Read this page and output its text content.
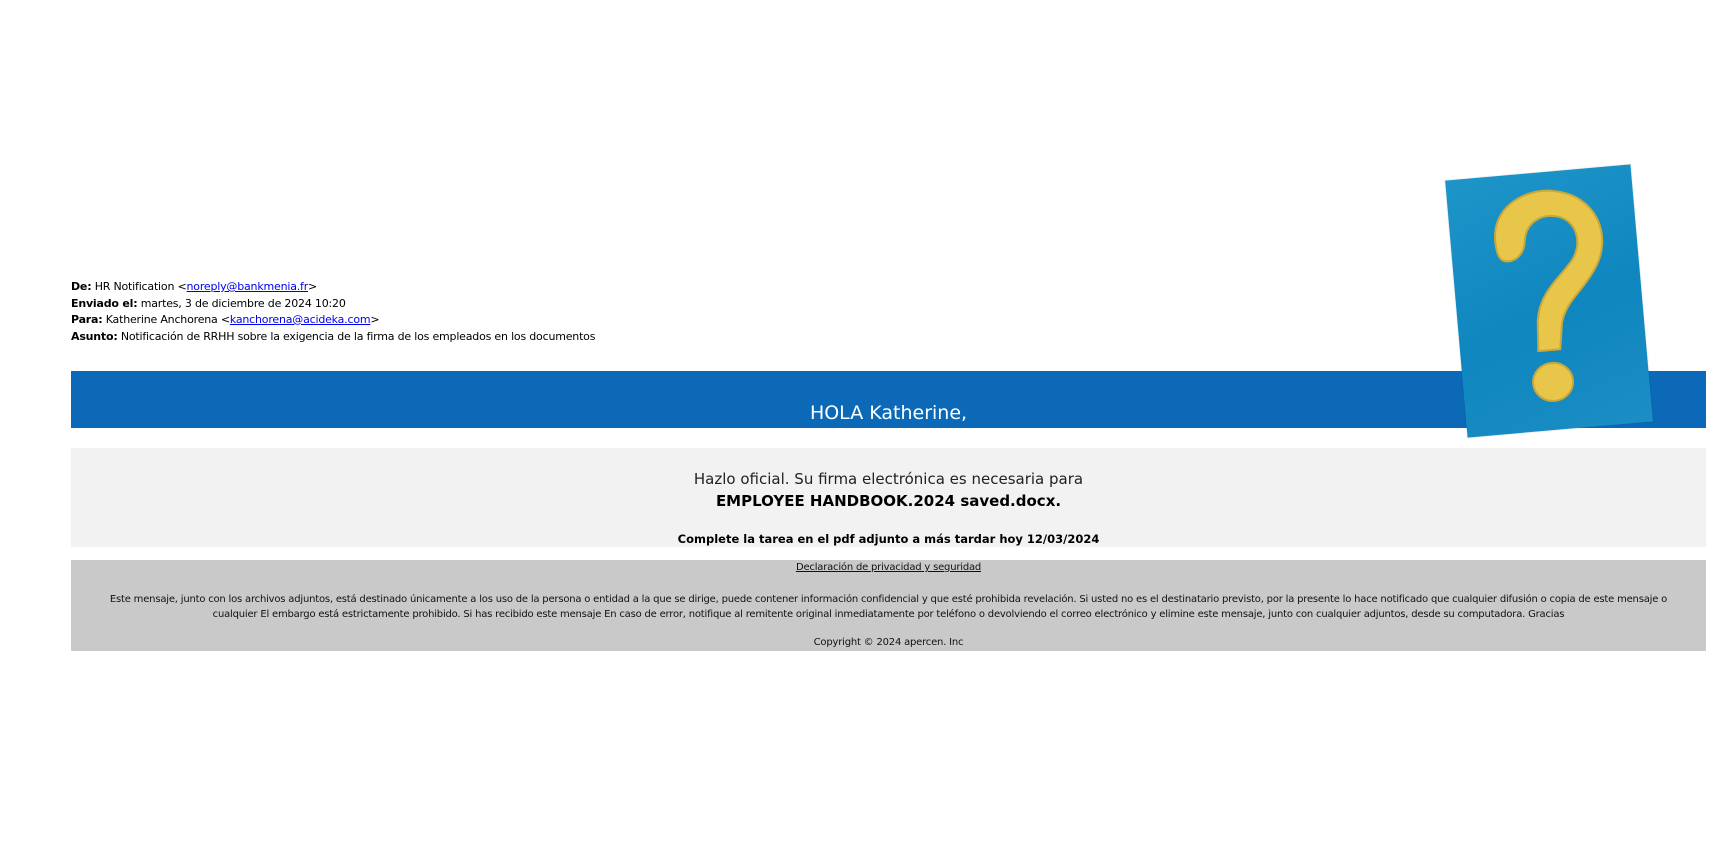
De: HR Notification <noreply@bankmenia.fr>
Enviado el: martes, 3 de diciembre de 2024 10:20
Para: Katherine Anchorena <kanchorena@acideka.com>
Asunto: Notificación de RRHH sobre la exigencia de la firma de los empleados en los documentos
HOLA Katherine,
Hazlo oficial. Su firma electrónica es necesaria para
EMPLOYEE HANDBOOK.2024 saved.docx.
Complete la tarea en el pdf adjunto a más tardar hoy 12/03/2024
Declaración de privacidad y seguridad
Este mensaje, junto con los archivos adjuntos, está destinado únicamente a los uso de la persona o entidad a la que se dirige, puede contener información confidencial y que esté prohibida revelación. Si usted no es el destinatario previsto, por la presente lo hace notificado que cualquier difusión o copia de este mensaje o cualquier El embargo está estrictamente prohibido. Si has recibido este mensaje En caso de error, notifique al remitente original inmediatamente por teléfono o devolviendo el correo electrónico y elimine este mensaje, junto con cualquier adjuntos, desde su computadora. Gracias
Copyright © 2024 apercen. Inc
